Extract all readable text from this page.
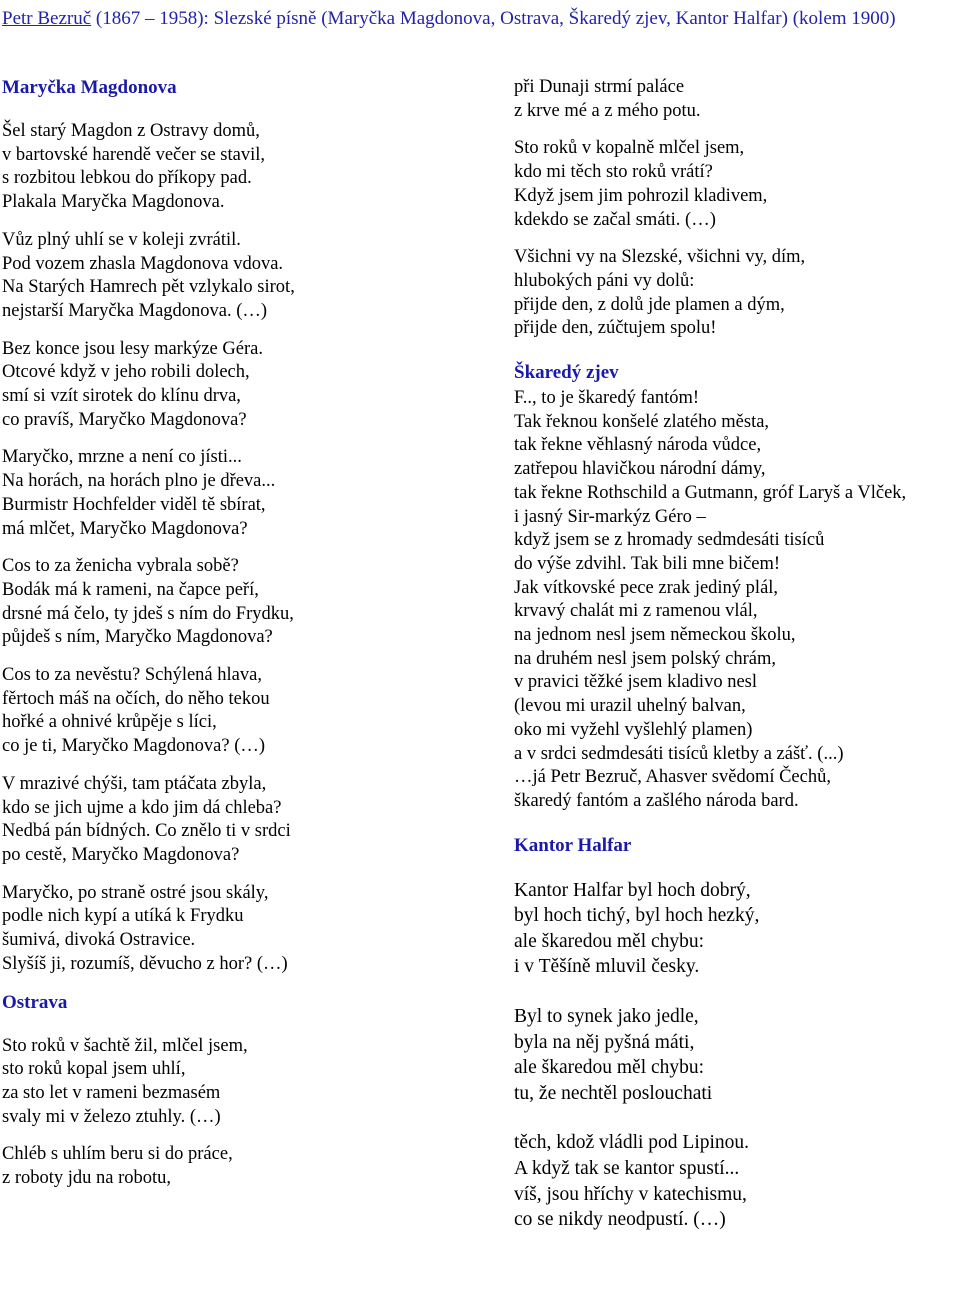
Petr Bezruč (1867 – 1958): Slezské písně (Maryčka Magdonova, Ostrava, Škaredý zjev, Kantor Halfar) (kolem 1900)
Maryčka Magdonova
Šel starý Magdon z Ostravy domů,
v bartovské harendě večer se stavil,
s rozbitou lebkou do příkopy pad.
Plakala Maryčka Magdonova.
Vůz plný uhlí se v koleji zvrátil.
Pod vozem zhasla Magdonova vdova.
Na Starých Hamrech pět vzlykalo sirot,
nejstarší Maryčka Magdonova. (…)
Bez konce jsou lesy markýze Géra.
Otcové když v jeho robili dolech,
smí si vzít sirotek do klínu drva,
co pravíš, Maryčko Magdonova?
Maryčko, mrzne a není co jísti...
Na horách, na horách plno je dřeva...
Burmistr Hochfelder viděl tě sbírat,
má mlčet, Maryčko Magdonova?
Cos to za ženicha vybrala sobě?
Bodák má k rameni, na čapce peří,
drsné má čelo, ty jdeš s ním do Frydku,
půjdeš s ním, Maryčko Magdonova?
Cos to za nevěstu? Schýlená hlava,
fěrtoch máš na očích, do něho tekou
hořké a ohnivé krůpěje s líci,
co je ti, Maryčko Magdonova? (…)
V mrazivé chýši, tam ptáčata zbyla,
kdo se jich ujme a kdo jim dá chleba?
Nedbá pán bídných. Co znělo ti v srdci
po cestě, Maryčko Magdonova?
Maryčko, po straně ostré jsou skály,
podle nich kypí a utíká k Frydku
šumivá, divoká Ostravice.
Slyšíš ji, rozumíš, děvucho z hor? (…)
Ostrava
Sto roků v šachtě žil, mlčel jsem,
sto roků kopal jsem uhlí,
za sto let v rameni bezmasém
svaly mi v železo ztuhly. (…)
Chléb s uhlím beru si do práce,
z roboty jdu na robotu,
při Dunaji strmí paláce
z krve mé a z mého potu.
Sto roků v kopalně mlčel jsem,
kdo mi těch sto roků vrátí?
Když jsem jim pohrozil kladivem,
kdekdo se začal smáti. (…)
Všichni vy na Slezské, všichni vy, dím,
hlubokých páni vy dolů:
přijde den, z dolů jde plamen a dým,
přijde den, zúčtujem spolu!
Škaredý zjev
F.., to je škaredý fantóm!
Tak řeknou konšelé zlatého města,
tak řekne věhlasný národa vůdce,
zatřepou hlavičkou národní dámy,
tak řekne Rothschild a Gutmann, gróf Laryš a Vlček,
i jasný Sir-markýz Géro –
když jsem se z hromady sedmdesáti tisíců
do výše zdvihl. Tak bili mne bičem!
Jak vítkovské pece zrak jediný plál,
krvavý chalát mi z ramenou vlál,
na jednom nesl jsem německou školu,
na druhém nesl jsem polský chrám,
v pravici těžké jsem kladivo nesl
(levou mi urazil uhelný balvan,
oko mi vyžehl vyšlehlý plamen)
a v srdci sedmdesáti tisíců kletby a zášť. (...)
…já Petr Bezruč, Ahasver svědomí Čechů,
škaredý fantóm a zašlého národa bard.
Kantor Halfar
Kantor Halfar byl hoch dobrý,
byl hoch tichý, byl hoch hezký,
ale škaredou měl chybu:
i v Těšíně mluvil česky.
Byl to synek jako jedle,
byla na něj pyšná máti,
ale škaredou měl chybu:
tu, že nechtěl poslouchati
těch, kdož vládli pod Lipinou.
A když tak se kantor spustí...
víš, jsou hříchy v katechismu,
co se nikdy neodpustí. (…)
